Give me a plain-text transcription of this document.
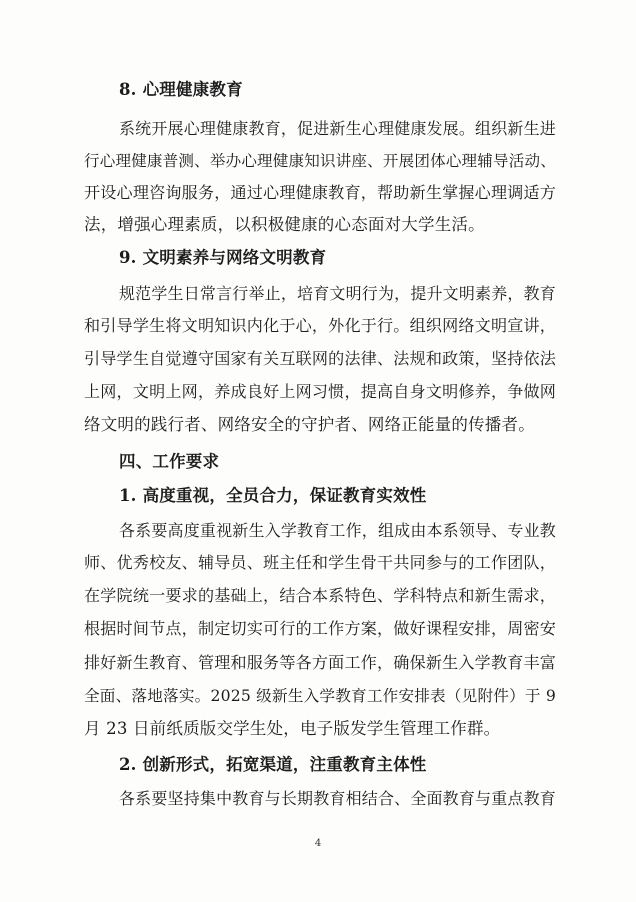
8. 心理健康教育
系统开展心理健康教育，促进新生心理健康发展。组织新生进
行心理健康普测、举办心理健康知识讲座、开展团体心理辅导活动、
开设心理咨询服务，通过心理健康教育，帮助新生掌握心理调适方
法，增强心理素质，以积极健康的心态面对大学生活。
9. 文明素养与网络文明教育
规范学生日常言行举止，培育文明行为，提升文明素养，教育
和引导学生将文明知识内化于心，外化于行。组织网络文明宣讲，
引导学生自觉遵守国家有关互联网的法律、法规和政策，坚持依法
上网，文明上网，养成良好上网习惯，提高自身文明修养，争做网
络文明的践行者、网络安全的守护者、网络正能量的传播者。
四、工作要求
1. 高度重视，全员合力，保证教育实效性
各系要高度重视新生入学教育工作，组成由本系领导、专业教
师、优秀校友、辅导员、班主任和学生骨干共同参与的工作团队，
在学院统一要求的基础上，结合本系特色、学科特点和新生需求，
根据时间节点，制定切实可行的工作方案，做好课程安排，周密安
排好新生教育、管理和服务等各方面工作，确保新生入学教育丰富
全面、落地落实。2025 级新生入学教育工作安排表（见附件）于 9
月 23 日前纸质版交学生处，电子版发学生管理工作群。
2. 创新形式，拓宽渠道，注重教育主体性
各系要坚持集中教育与长期教育相结合、全面教育与重点教育
4
